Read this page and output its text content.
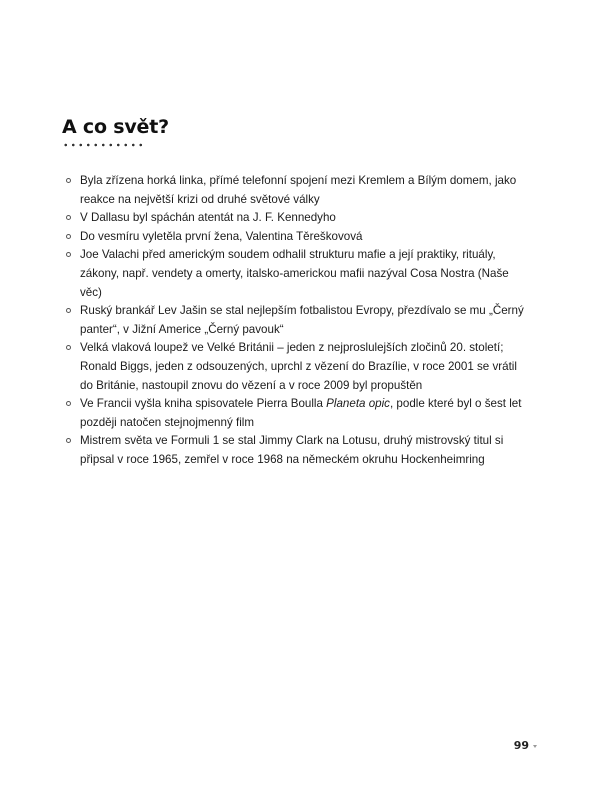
A co svět?
Byla zřízena horká linka, přímé telefonní spojení mezi Kremlem a Bílým domem, jako reakce na největší krizi od druhé světové války
V Dallasu byl spáchán atentát na J. F. Kennedyho
Do vesmíru vyletěla první žena, Valentina Těreškovová
Joe Valachi před americkým soudem odhalil strukturu mafie a její praktiky, rituály, zákony, např. vendety a omerty, italsko-americkou mafii nazýval Cosa Nostra (Naše věc)
Ruský brankář Lev Jašin se stal nejlepším fotbalistou Evropy, přezdívalo se mu „Černý panter“, v Jižní Americe „Černý pavouk“
Velká vlaková loupež ve Velké Británii – jeden z nejproslulejších zločinů 20. století; Ronald Biggs, jeden z odsouzených, uprchl z vězení do Brazílie, v roce 2001 se vrátil do Británie, nastoupil znovu do vězení a v roce 2009 byl propuštěn
Ve Francii vyšla kniha spisovatele Pierra Boulla Planeta opic, podle které byl o šest let později natočen stejnojmenný film
Mistrem světa ve Formuli 1 se stal Jimmy Clark na Lotusu, druhý mistrovský titul si připsal v roce 1965, zemřel v roce 1968 na německém okruhu Hockenheimring
99
